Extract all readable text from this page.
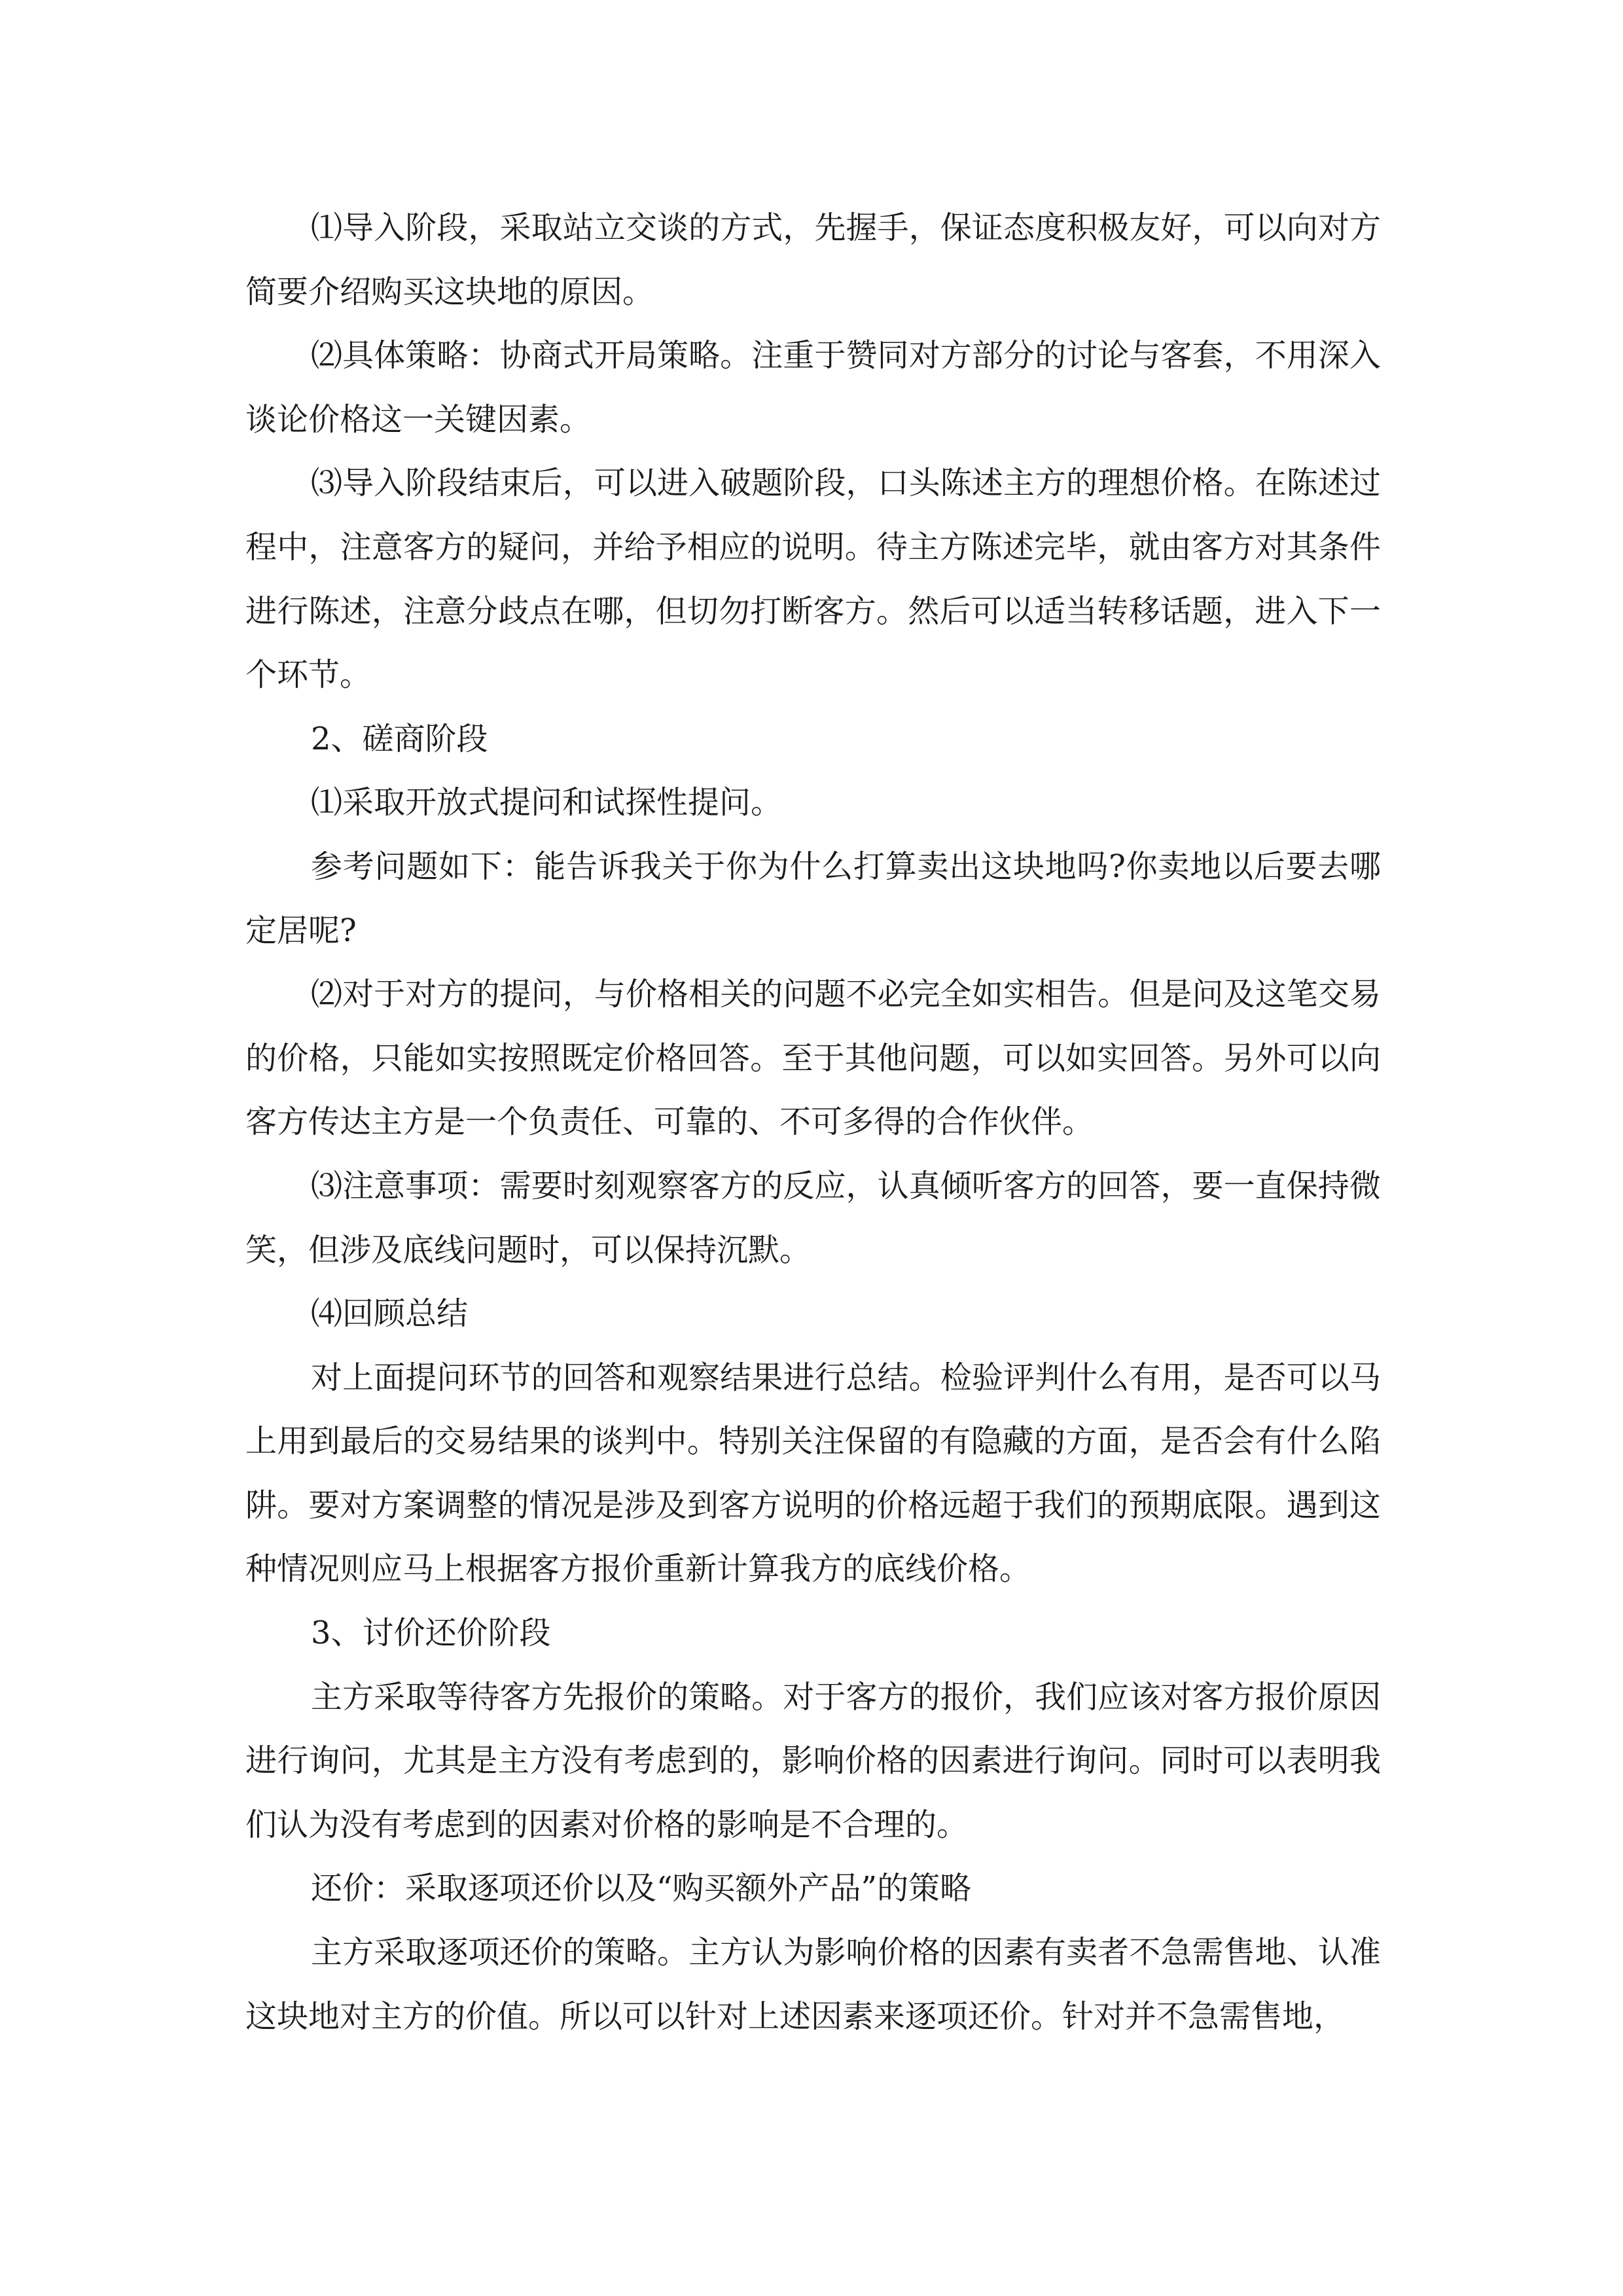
⑴导入阶段，采取站立交谈的方式，先握手，保证态度积极友好，可以向对方简要介绍购买这块地的原因。

⑵具体策略：协商式开局策略。注重于赞同对方部分的讨论与客套，不用深入谈论价格这一关键因素。

⑶导入阶段结束后，可以进入破题阶段，口头陈述主方的理想价格。在陈述过程中，注意客方的疑问，并给予相应的说明。待主方陈述完毕，就由客方对其条件进行陈述，注意分歧点在哪，但切勿打断客方。然后可以适当转移话题，进入下一个环节。

2、磋商阶段

⑴采取开放式提问和试探性提问。

参考问题如下：能告诉我关于你为什么打算卖出这块地吗?你卖地以后要去哪定居呢?

⑵对于对方的提问，与价格相关的问题不必完全如实相告。但是问及这笔交易的价格，只能如实按照既定价格回答。至于其他问题，可以如实回答。另外可以向客方传达主方是一个负责任、可靠的、不可多得的合作伙伴。

⑶注意事项：需要时刻观察客方的反应，认真倾听客方的回答，要一直保持微笑，但涉及底线问题时，可以保持沉默。

⑷回顾总结

对上面提问环节的回答和观察结果进行总结。检验评判什么有用，是否可以马上用到最后的交易结果的谈判中。特别关注保留的有隐藏的方面，是否会有什么陷阱。要对方案调整的情况是涉及到客方说明的价格远超于我们的预期底限。遇到这种情况则应马上根据客方报价重新计算我方的底线价格。

3、讨价还价阶段

主方采取等待客方先报价的策略。对于客方的报价，我们应该对客方报价原因进行询问，尤其是主方没有考虑到的，影响价格的因素进行询问。同时可以表明我们认为没有考虑到的因素对价格的影响是不合理的。

还价：采取逐项还价以及“购买额外产品”的策略

主方采取逐项还价的策略。主方认为影响价格的因素有卖者不急需售地、认准这块地对主方的价值。所以可以针对上述因素来逐项还价。针对并不急需售地，
